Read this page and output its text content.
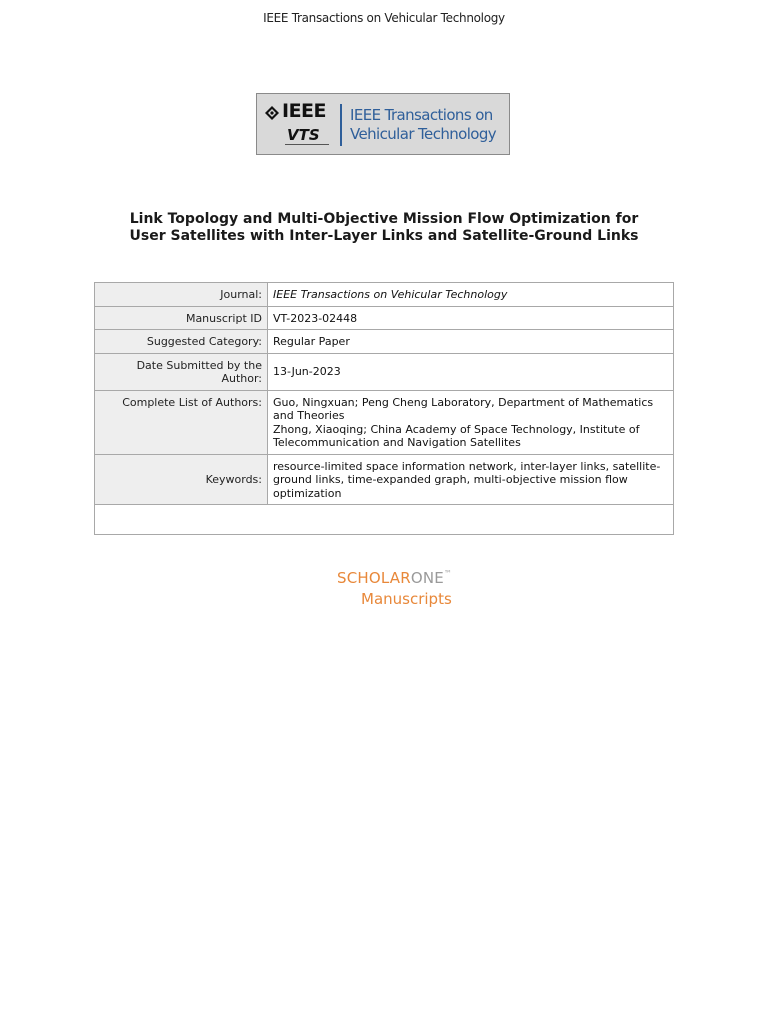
IEEE Transactions on Vehicular Technology
IEEE
VTS
IEEE Transactions on
Vehicular Technology
Link Topology and Multi-Objective Mission Flow Optimization for User Satellites with Inter-Layer Links and Satellite-Ground Links
Journal:	IEEE Transactions on Vehicular Technology
Manuscript ID	VT-2023-02448
Suggested Category:	Regular Paper
Date Submitted by the Author:	13-Jun-2023
Complete List of Authors:	Guo, Ningxuan; Peng Cheng Laboratory, Department of Mathematics and Theories
Zhong, Xiaoqing; China Academy of Space Technology, Institute of Telecommunication and Navigation Satellites

Keywords:	resource-limited space information network, inter-layer links, satellite-ground links, time-expanded graph, multi-objective mission flow optimization

SCHOLARONE™
Manuscripts
